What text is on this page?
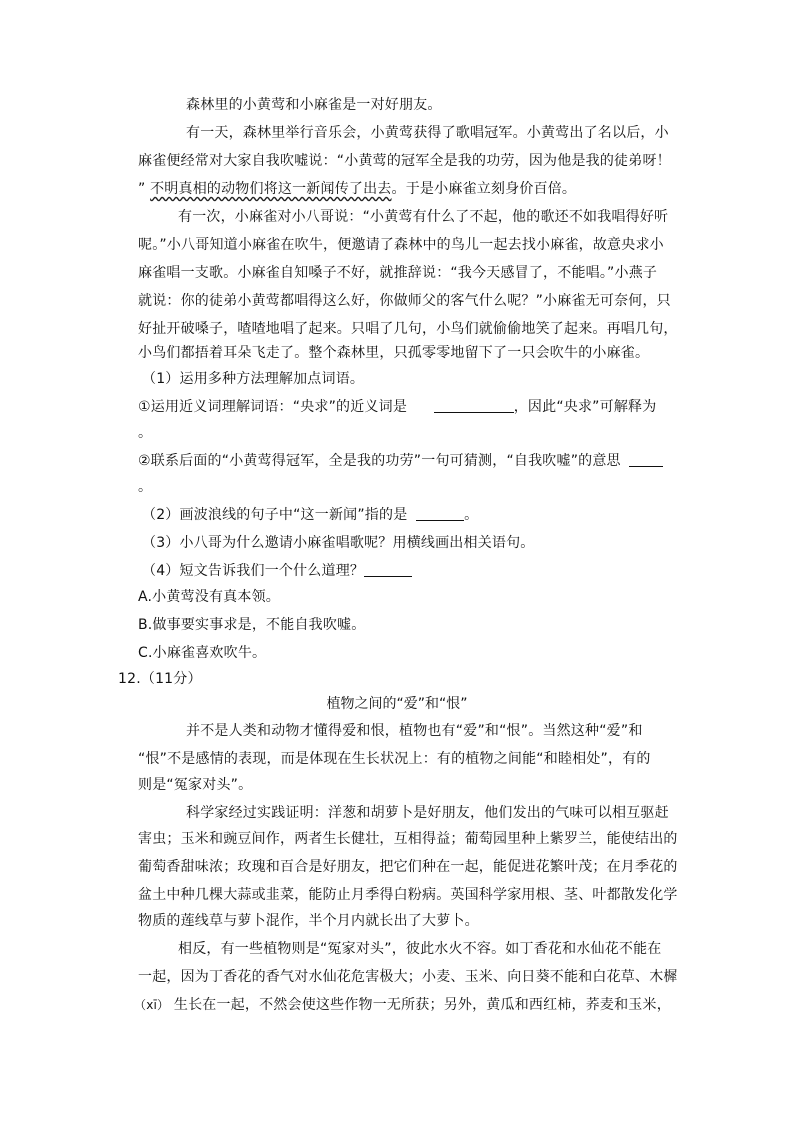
森林里的小黄莺和小麻雀是一对好朋友。
有一天，森林里举行音乐会，小黄莺获得了歌唱冠军。小黄莺出了名以后，小
麻雀便经常对大家自我吹嘘说：“小黄莺的冠军全是我的功劳，因为他是我的徒弟呀！
” 不明真相的动物们将这一新闻传了出去。于是小麻雀立刻身价百倍。
有一次，小麻雀对小八哥说：“小黄莺有什么了不起，他的歌还不如我唱得好听
呢。”小八哥知道小麻雀在吹牛，便邀请了森林中的鸟儿一起去找小麻雀，故意央求小
麻雀唱一支歌。小麻雀自知嗓子不好，就推辞说：“我今天感冒了，不能唱。”小燕子
就说：你的徒弟小黄莺都唱得这么好，你做师父的客气什么呢？”小麻雀无可奈何，只
好扯开破嗓子，喳喳地唱了起来。只唱了几句，小鸟们就偷偷地笑了起来。再唱几句，
小鸟们都捂着耳朵飞走了。整个森林里，只孤零零地留下了一只会吹牛的小麻雀。
（1）运用多种方法理解加点词语。
①运用近义词理解词语：“央求”的近义词是	，因此“央求”可解释为
。
②联系后面的“小黄莺得冠军，全是我的功劳”一句可猜测，“自我吹嘘”的意思
。
（2）画波浪线的句子中“这一新闻”指的是	。
（3）小八哥为什么邀请小麻雀唱歌呢？用横线画出相关语句。
（4）短文告诉我们一个什么道理？
A.小黄莺没有真本领。
B.做事要实事求是，不能自我吹嘘。
C.小麻雀喜欢吹牛。
12.（11分）
植物之间的“爱”和“恨”
并不是人类和动物才懂得爱和恨，植物也有“爱”和“恨”。当然这种“爱”和
“恨”不是感情的表现，而是体现在生长状况上：有的植物之间能“和睦相处”，有的
则是“冤家对头”。
科学家经过实践证明：洋葱和胡萝卜是好朋友，他们发出的气味可以相互驱赶
害虫；玉米和豌豆间作，两者生长健壮，互相得益；葡萄园里种上紫罗兰，能使结出的
葡萄香甜味浓；玫瑰和百合是好朋友，把它们种在一起，能促进花繁叶茂；在月季花的
盆土中种几棵大蒜或韭菜，能防止月季得白粉病。英国科学家用根、茎、叶都散发化学
物质的莲线草与萝卜混作，半个月内就长出了大萝卜。
相反，有一些植物则是“冤家对头”，彼此水火不容。如丁香花和水仙花不能在
一起，因为丁香花的香气对水仙花危害极大；小麦、玉米、向日葵不能和白花草、木樨
（xī） 生长在一起，不然会使这些作物一无所获；另外，黄瓜和西红柿，荞麦和玉米，
